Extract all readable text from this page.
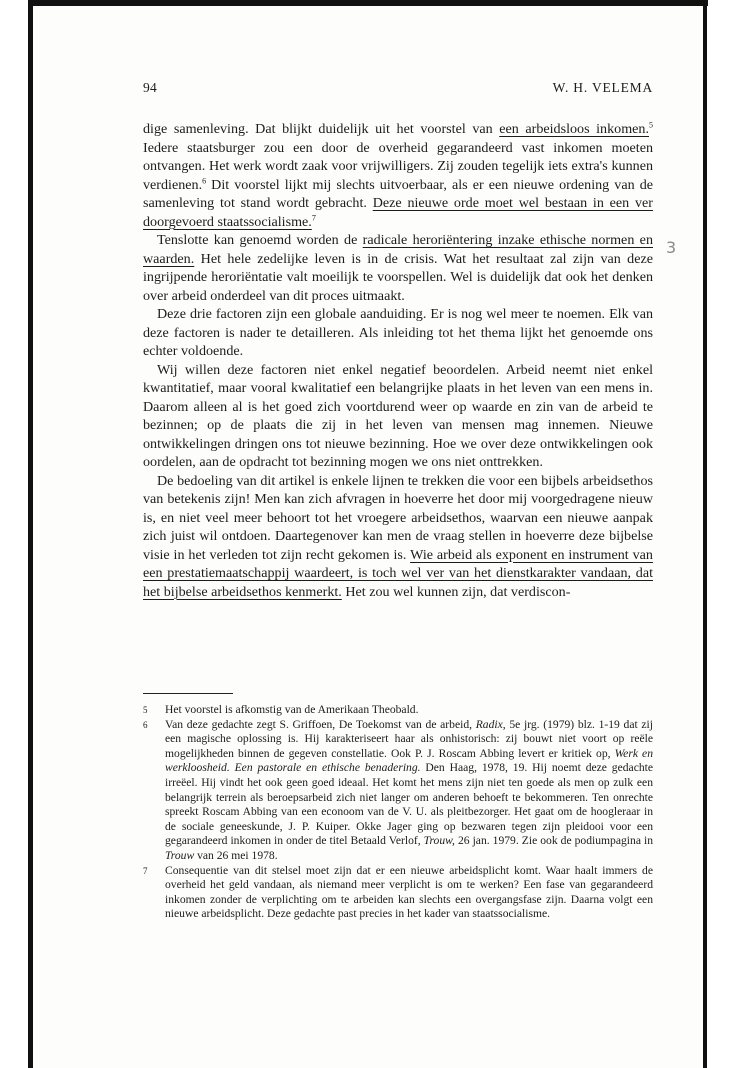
94	W. H. VELEMA

dige samenleving. Dat blijkt duidelijk uit het voorstel van een arbeidsloos inkomen.$^5$ Iedere staatsburger zou een door de overheid gegarandeerd vast inkomen moeten ontvangen. Het werk wordt zaak voor vrijwilligers. Zij zouden tegelijk iets extra's kunnen verdienen.$^6$ Dit voorstel lijkt mij slechts uitvoerbaar, als er een nieuwe ordening van de samenleving tot stand wordt gebracht. Deze nieuwe orde moet wel bestaan in een ver doorgevoerd staatssocialisme.$^7$

Tenslotte kan genoemd worden de radicale heroriëntering inzake ethische normen en waarden. Het hele zedelijke leven is in de crisis. Wat het resultaat zal zijn van deze ingrijpende heroriëntatie valt moeilijk te voorspellen. Wel is duidelijk dat ook het denken over arbeid onderdeel van dit proces uitmaakt.

Deze drie factoren zijn een globale aanduiding. Er is nog wel meer te noemen. Elk van deze factoren is nader te detailleren. Als inleiding tot het thema lijkt het genoemde ons echter voldoende.

Wij willen deze factoren niet enkel negatief beoordelen. Arbeid neemt niet enkel kwantitatief, maar vooral kwalitatief een belangrijke plaats in het leven van een mens in. Daarom alleen al is het goed zich voortdurend weer op waarde en zin van de arbeid te bezinnen; op de plaats die zij in het leven van mensen mag innemen. Nieuwe ontwikkelingen dringen ons tot nieuwe bezinning. Hoe we over deze ontwikkelingen ook oordelen, aan de opdracht tot bezinning mogen we ons niet onttrekken.

De bedoeling van dit artikel is enkele lijnen te trekken die voor een bijbels arbeidsethos van betekenis zijn! Men kan zich afvragen in hoeverre het door mij voorgedragene nieuw is, en niet veel meer behoort tot het vroegere arbeidsethos, waarvan een nieuwe aanpak zich juist wil ontdoen. Daartegenover kan men de vraag stellen in hoeverre deze bijbelse visie in het verleden tot zijn recht gekomen is. Wie arbeid als exponent en instrument van een prestatiemaatschappij waardeert, is toch wel ver van het dienstkarakter vandaan, dat het bijbelse arbeidsethos kenmerkt. Het zou wel kunnen zijn, dat verdiscon-

3

5 Het voorstel is afkomstig van de Amerikaan Theobald.

6 Van deze gedachte zegt S. Griffoen, De Toekomst van de arbeid, Radix, 5e jrg. (1979) blz. 1-19 dat zij een magische oplossing is. Hij karakteriseert haar als onhistorisch: zij bouwt niet voort op reële mogelijkheden binnen de gegeven constellatie. Ook P. J. Roscam Abbing levert er kritiek op, Werk en werkloosheid. Een pastorale en ethische benadering. Den Haag, 1978, 19. Hij noemt deze gedachte irreëel. Hij vindt het ook geen goed ideaal. Het komt het mens zijn niet ten goede als men op zulk een belangrijk terrein als beroepsarbeid zich niet langer om anderen behoeft te bekommeren. Ten onrechte spreekt Roscam Abbing van een econoom van de V. U. als pleitbezorger. Het gaat om de hoogleraar in de sociale geneeskunde, J. P. Kuiper. Okke Jager ging op bezwaren tegen zijn pleidooi voor een gegarandeerd inkomen in onder de titel Betaald Verlof, Trouw, 26 jan. 1979. Zie ook de podiumpagina in Trouw van 26 mei 1978.

7 Consequentie van dit stelsel moet zijn dat er een nieuwe arbeidsplicht komt. Waar haalt immers de overheid het geld vandaan, als niemand meer verplicht is om te werken? Een fase van gegarandeerd inkomen zonder de verplichting om te arbeiden kan slechts een overgangsfase zijn. Daarna volgt een nieuwe arbeidsplicht. Deze gedachte past precies in het kader van staatssocialisme.
